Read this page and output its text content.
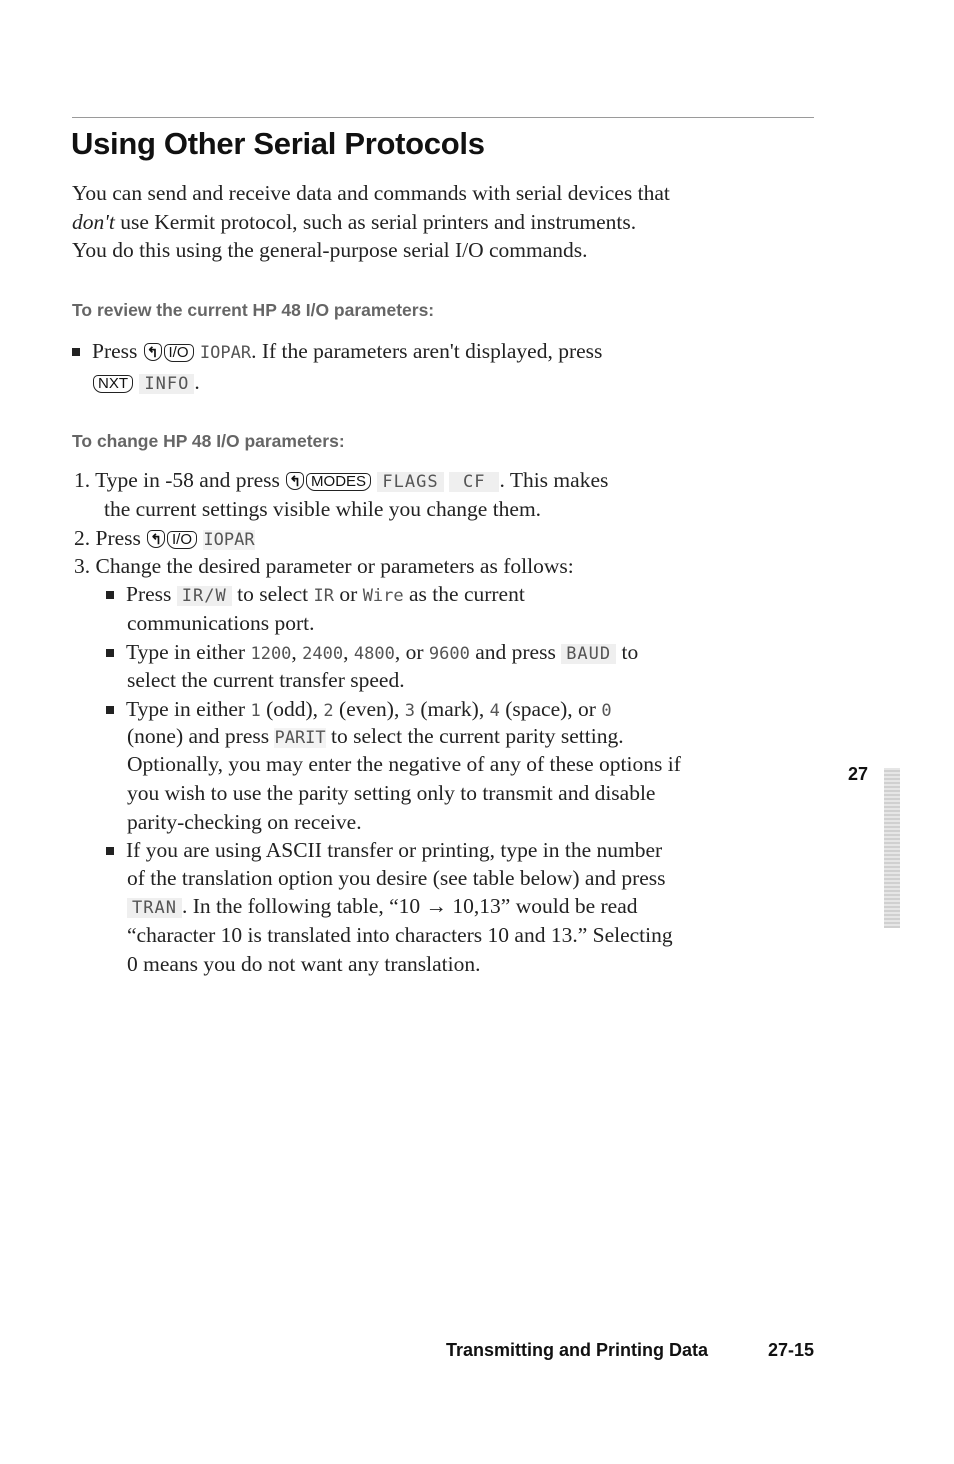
Using Other Serial Protocols
You can send and receive data and commands with serial devices that
don't use Kermit protocol, such as serial printers and instruments.
You do this using the general-purpose serial I/O commands.
To review the current HP 48 I/O parameters:
Press ↰ I/O IOPAR. If the parameters aren't displayed, press
NXT INFO .
To change HP 48 I/O parameters:
1. Type in -58 and press ↰ MODES FLAGS CF . This makes
the current settings visible while you change them.
2. Press ↰ I/O IOPAR
3. Change the desired parameter or parameters as follows:
Press IR/W to select IR or Wire as the current
communications port.
Type in either 1200, 2400, 4800, or 9600 and press BAUD to
select the current transfer speed.
Type in either 1 (odd), 2 (even), 3 (mark), 4 (space), or 0
(none) and press PARIT to select the current parity setting.
Optionally, you may enter the negative of any of these options if
you wish to use the parity setting only to transmit and disable
parity-checking on receive.
If you are using ASCII transfer or printing, type in the number
of the translation option you desire (see table below) and press
TRAN . In the following table, “10 → 10,13” would be read
“character 10 is translated into characters 10 and 13.” Selecting
0 means you do not want any translation.
27
Transmitting and Printing Data	27-15
